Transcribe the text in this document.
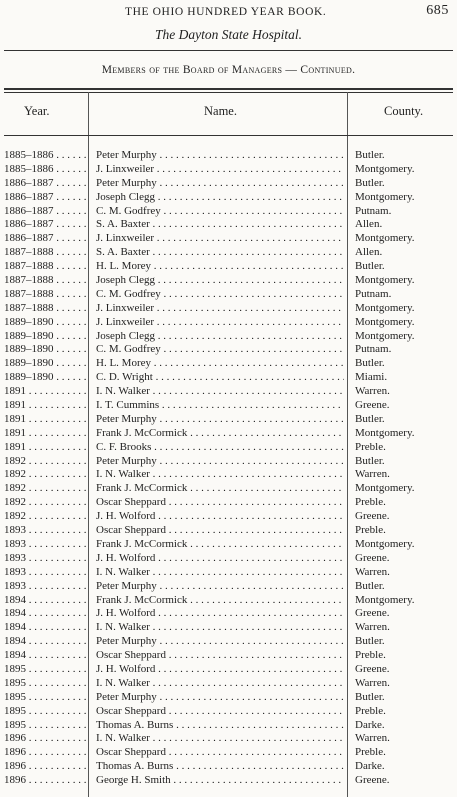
THE OHIO HUNDRED YEAR BOOK.	685
The Dayton State Hospital.
Members of the Board of Managers — Continued.
Year.	Name.	County.
1885–1886 . . .	Peter Murphy . . .	Butler.
1885–1886 . . .	J. Linxweiler . . .	Montgomery.
1886–1887 . . .	Peter Murphy . . .	Butler.
1886–1887 . . .	Joseph Clegg . . .	Montgomery.
1886–1887 . . .	C. M. Godfrey . . .	Putnam.
1886–1887 . . .	S. A. Baxter . . .	Allen.
1886–1887 . . .	J. Linxweiler . . .	Montgomery.
1887–1888 . . .	S. A. Baxter . . .	Allen.
1887–1888 . . .	H. L. Morey . . .	Butler.
1887–1888 . . .	Joseph Clegg . . .	Montgomery.
1887–1888 . . .	C. M. Godfrey . . .	Putnam.
1887–1888 . . .	J. Linxweiler . . .	Montgomery.
1889–1890 . . .	J. Linxweiler . . .	Montgomery.
1889–1890 . . .	Joseph Clegg . . .	Montgomery.
1889–1890 . . .	C. M. Godfrey . . .	Putnam.
1889–1890 . . .	H. L. Morey . . .	Butler.
1889–1890 . . .	C. D. Wright . . .	Miami.
1891 . . .	I. N. Walker . . .	Warren.
1891 . . .	I. T. Cummins . . .	Greene.
1891 . . .	Peter Murphy . . .	Butler.
1891 . . .	Frank J. McCormick . . .	Montgomery.
1891 . . .	C. F. Brooks . . .	Preble.
1892 . . .	Peter Murphy . . .	Butler.
1892 . . .	I. N. Walker . . .	Warren.
1892 . . .	Frank J. McCormick . . .	Montgomery.
1892 . . .	Oscar Sheppard . . .	Preble.
1892 . . .	J. H. Wolford . . .	Greene.
1893 . . .	Oscar Sheppard . . .	Preble.
1893 . . .	Frank J. McCormick . . .	Montgomery.
1893 . . .	J. H. Wolford . . .	Greene.
1893 . . .	I. N. Walker . . .	Warren.
1893 . . .	Peter Murphy . . .	Butler.
1894 . . .	Frank J. McCormick . . .	Montgomery.
1894 . . .	J. H. Wolford . . .	Greene.
1894 . . .	I. N. Walker . . .	Warren.
1894 . . .	Peter Murphy . . .	Butler.
1894 . . .	Oscar Sheppard . . .	Preble.
1895 . . .	J. H. Wolford . . .	Greene.
1895 . . .	I. N. Walker . . .	Warren.
1895 . . .	Peter Murphy . . .	Butler.
1895 . . .	Oscar Sheppard . . .	Preble.
1895 . . .	Thomas A. Burns . . .	Darke.
1896 . . .	I. N. Walker . . .	Warren.
1896 . . .	Oscar Sheppard . . .	Preble.
1896 . . .	Thomas A. Burns . . .	Darke.
1896 . . .	George H. Smith . . .	Greene.
